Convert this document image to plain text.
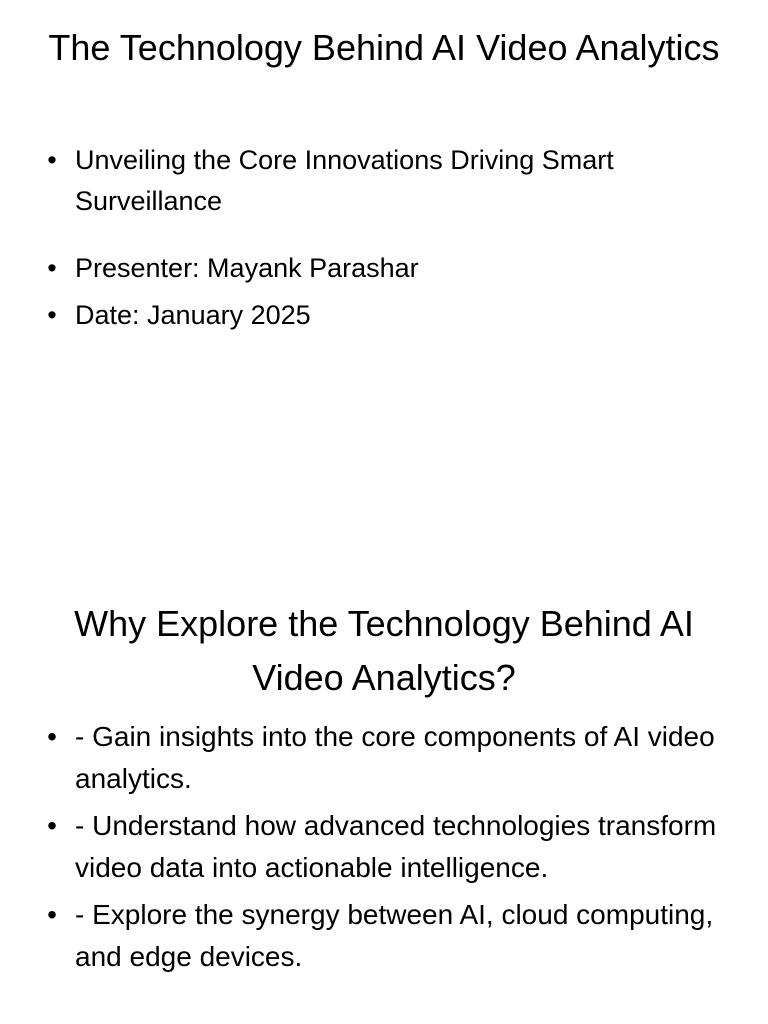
The Technology Behind AI Video Analytics
• Unveiling the Core Innovations Driving Smart Surveillance
• Presenter: Mayank Parashar
• Date: January 2025
Why Explore the Technology Behind AI Video Analytics?
• - Gain insights into the core components of AI video analytics.
• - Understand how advanced technologies transform video data into actionable intelligence.
• - Explore the synergy between AI, cloud computing, and edge devices.
